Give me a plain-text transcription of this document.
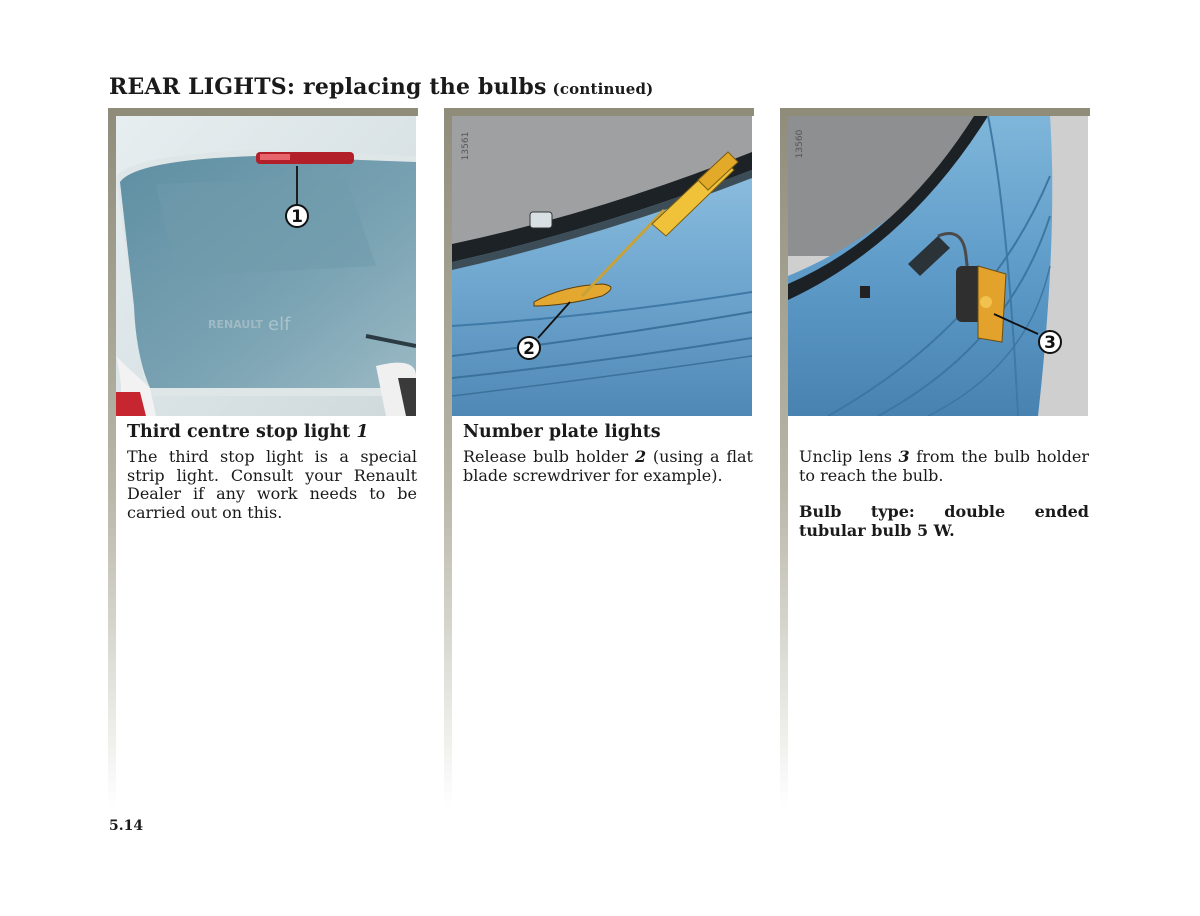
REAR LIGHTS: replacing the bulbs (continued)
RENAULT elf
1
Third centre stop light 1

The third stop light is a special strip light. Consult your Renault Dealer if any work needs to be carried out on this.

13561
2
Number plate lights

Release bulb holder 2 (using a flat blade screwdriver for example).

13560
3

Unclip lens 3 from the bulb holder to reach the bulb.

Bulb type: double ended tubular bulb 5 W.

5.14
